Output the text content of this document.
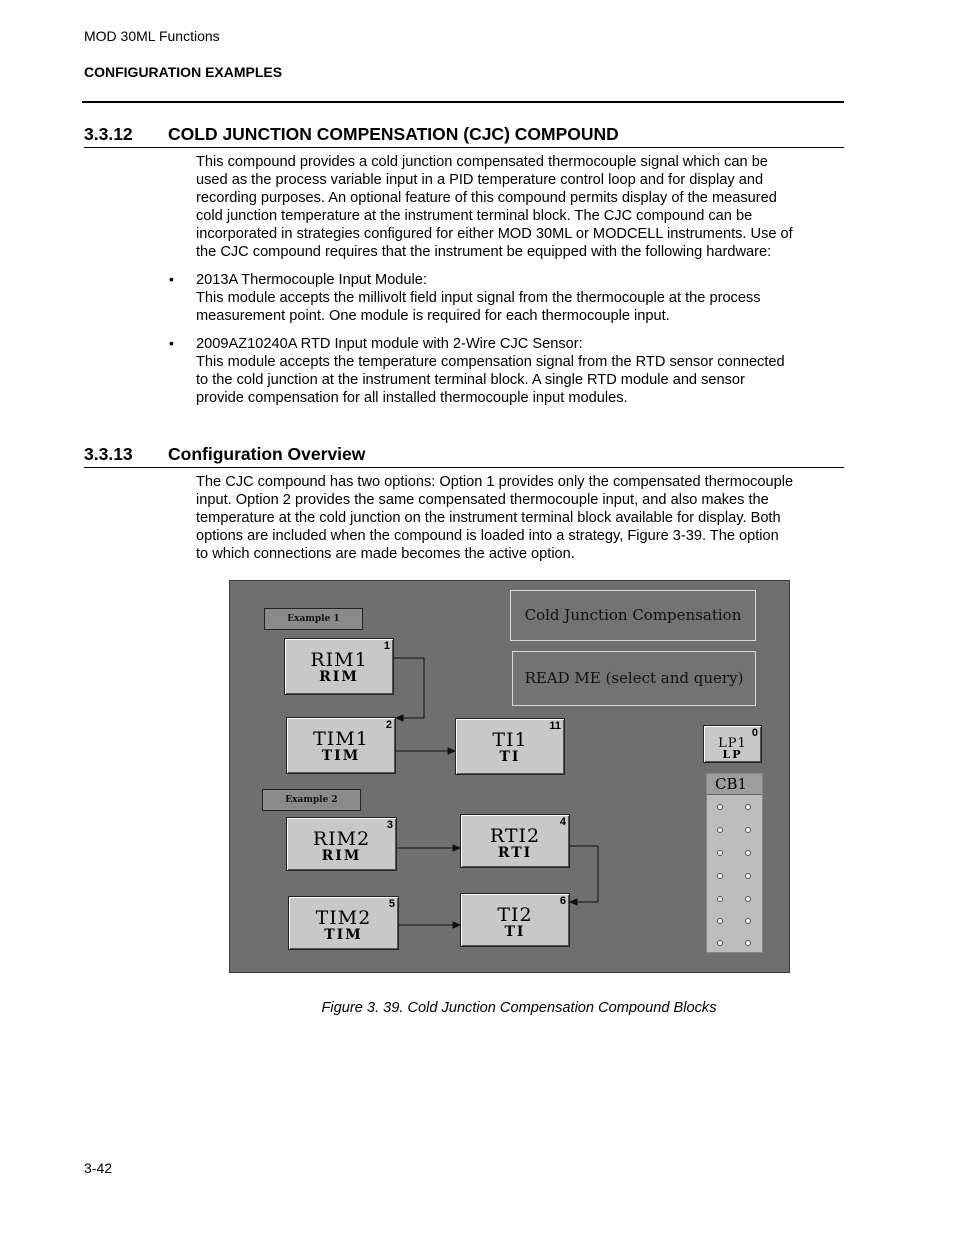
MOD 30ML Functions
CONFIGURATION EXAMPLES
3.3.12 COLD JUNCTION COMPENSATION (CJC) COMPOUND
This compound provides a cold junction compensated thermocouple signal which can be
used as the process variable input in a PID temperature control loop and for display and
recording purposes. An optional feature of this compound permits display of the measured
cold junction temperature at the instrument terminal block. The CJC compound can be
incorporated in strategies configured for either MOD 30ML or MODCELL instruments. Use of
the CJC compound requires that the instrument be equipped with the following hardware:
• 2013A Thermocouple Input Module:
This module accepts the millivolt field input signal from the thermocouple at the process
measurement point. One module is required for each thermocouple input.
• 2009AZ10240A RTD Input module with 2-Wire CJC Sensor:
This module accepts the temperature compensation signal from the RTD sensor connected
to the cold junction at the instrument terminal block. A single RTD module and sensor
provide compensation for all installed thermocouple input modules.
3.3.13 Configuration Overview
The CJC compound has two options: Option 1 provides only the compensated thermocouple
input. Option 2 provides the same compensated thermocouple input, and also makes the
temperature at the cold junction on the instrument terminal block available for display. Both
options are included when the compound is loaded into a strategy, Figure 3-39. The option
to which connections are made becomes the active option.
Example 1
Example 2
Cold Junction Compensation
READ ME (select and query)
RIM1
RIM
1
TIM1
TIM
2
TI1
TI
11
RIM2
RIM
3	RTI2
RTI
4
TIM2
TIM
5	TI2
TI
6
LP1
LP
0
CB1
Figure 3. 39. Cold Junction Compensation Compound Blocks
3-42
